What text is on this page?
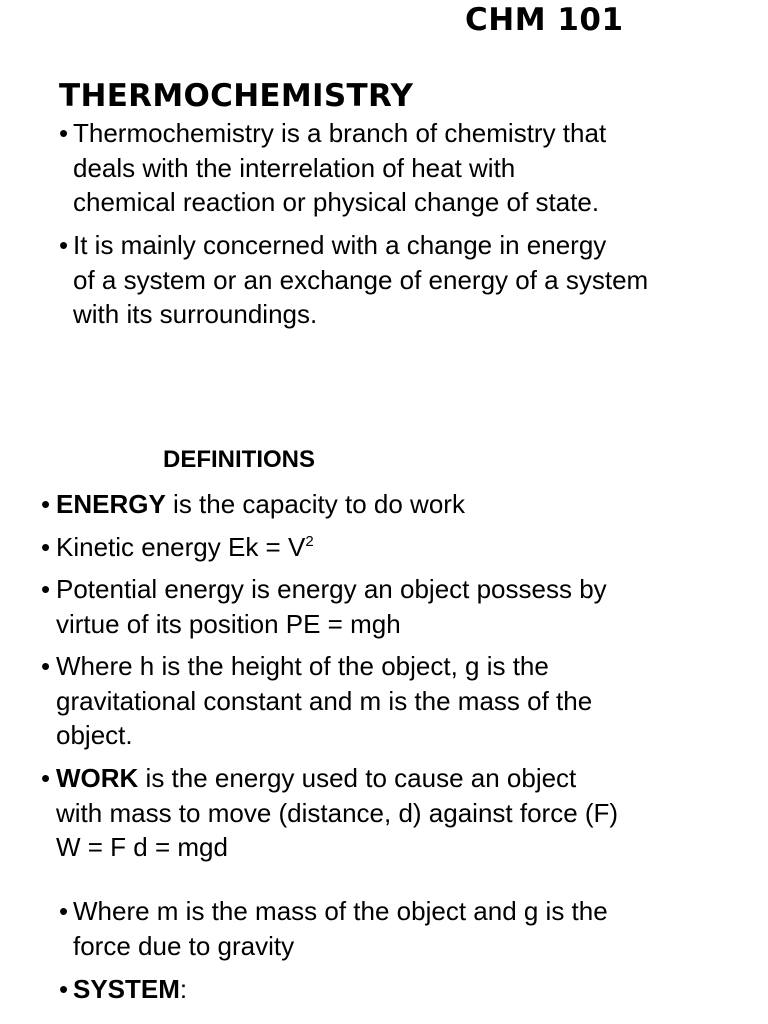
CHM 101
THERMOCHEMISTRY
• Thermochemistry is a branch of chemistry that
deals with the interrelation of heat with
chemical reaction or physical change of state.
• It is mainly concerned with a change in energy
of a system or an exchange of energy of a system
with its surroundings.
DEFINITIONS
• ENERGY is the capacity to do work
• Kinetic energy $Ek = V^2$
• Potential energy is energy an object possess by
virtue of its position PE = mgh
• Where h is the height of the object, g is the
gravitational constant and m is the mass of the
object.
• WORK is the energy used to cause an object
with mass to move (distance, d) against force (F)
W = F d = mgd
• Where m is the mass of the object and g is the
force due to gravity
• SYSTEM:
